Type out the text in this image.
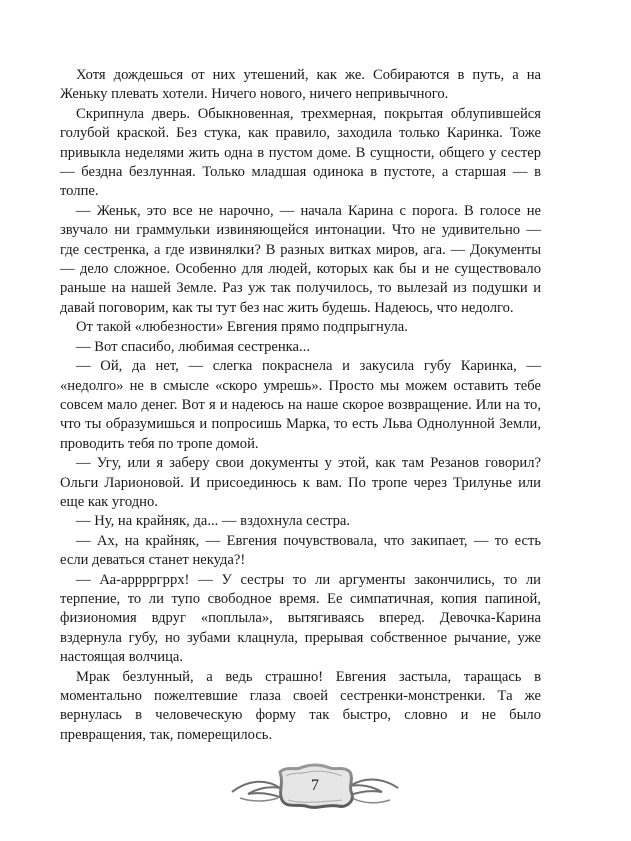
Хотя дождешься от них утешений, как же. Собираются в путь, а на Женьку плевать хотели. Ничего нового, ничего непривычного.

Скрипнула дверь. Обыкновенная, трехмерная, покрытая облупившейся голубой краской. Без стука, как правило, заходила только Каринка. Тоже привыкла неделями жить одна в пустом доме. В сущности, общего у сестер — бездна безлунная. Только младшая одинока в пустоте, а старшая — в толпе.

— Женьк, это все не нарочно, — начала Карина с порога. В голосе не звучало ни граммульки извиняющейся интонации. Что не удивительно — где сестренка, а где извинялки? В разных витках миров, ага. — Документы — дело сложное. Особенно для людей, которых как бы и не существовало раньше на нашей Земле. Раз уж так получилось, то вылезай из подушки и давай поговорим, как ты тут без нас жить будешь. Надеюсь, что недолго.

От такой «любезности» Евгения прямо подпрыгнула.

— Вот спасибо, любимая сестренка...

— Ой, да нет, — слегка покраснела и закусила губу Каринка, — «недолго» не в смысле «скоро умрешь». Просто мы можем оставить тебе совсем мало денег. Вот я и надеюсь на наше скорое возвращение. Или на то, что ты образумишься и попросишь Марка, то есть Льва Однолунной Земли, проводить тебя по тропе домой.

— Угу, или я заберу свои документы у этой, как там Резанов говорил? Ольги Ларионовой. И присоединюсь к вам. По тропе через Трилунье или еще как угодно.

— Ну, на крайняк, да... — вздохнула сестра.

— Ах, на крайняк, — Евгения почувствовала, что закипает, — то есть если деваться станет некуда?!

— Аа-арррргррх! — У сестры то ли аргументы закончились, то ли терпение, то ли тупо свободное время. Ее симпатичная, копия папиной, физиономия вдруг «поплыла», вытягиваясь вперед. Девочка-Карина вздернула губу, но зубами клацнула, прерывая собственное рычание, уже настоящая волчица.

Мрак безлунный, а ведь страшно! Евгения застыла, таращась в моментально пожелтевшие глаза своей сестренки-монстренки. Та же вернулась в человеческую форму так быстро, словно и не было превращения, так, померещилось.

7
